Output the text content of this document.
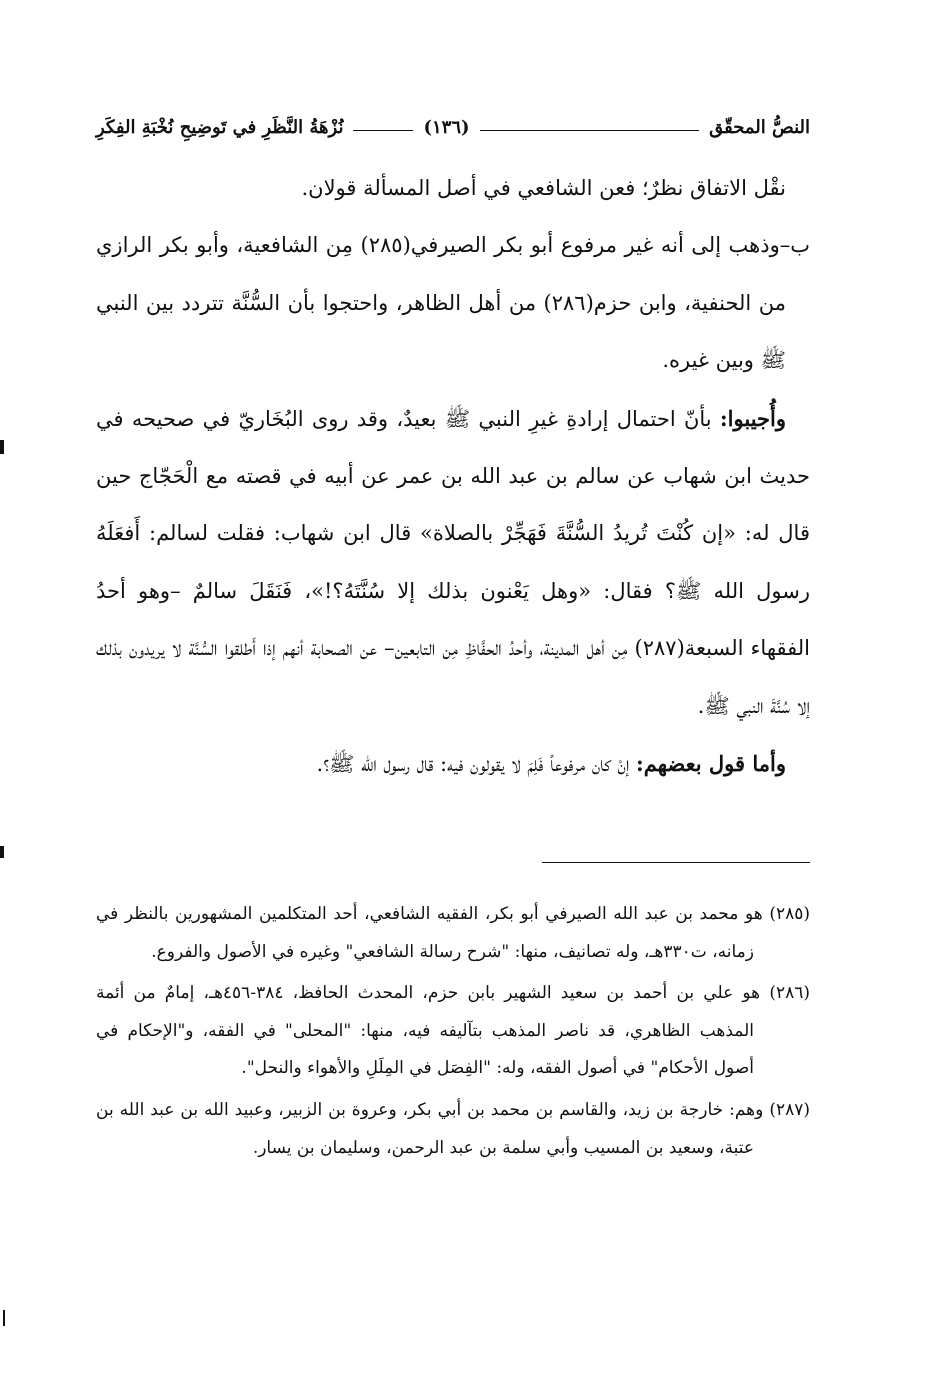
النصُّ المحقّق
(١٣٦)
نُزْهَةُ النَّظَرِ في تَوضِيحِ نُخْبَةِ الفِكَرِ

نقْل الاتفاق نظرٌ؛ فعن الشافعي في أصل المسألة قولان.

ب–وذهب إلى أنه غير مرفوع أبو بكر الصيرفي(٢٨٥) مِن الشافعية، وأبو بكر الرازي من الحنفية، وابن حزم(٢٨٦) من أهل الظاهر، واحتجوا بأن السُّنَّة تتردد بين النبي ﷺ وبين غيره.

وأُجيبوا: بأنّ احتمال إرادةِ غيرِ النبي ﷺ بعيدٌ، وقد روى البُخَاريّ في صحيحه في حديث ابن شهاب عن سالم بن عبد الله بن عمر عن أبيه في قصته مع الْحَجّاج حين قال له: «إن كُنْتَ تُريدُ السُّنَّةَ فَهَجِّرْ بالصلاة» قال ابن شهاب: فقلت لسالم: أَفعَلَهُ رسول الله ﷺ؟ فقال: «وهل يَعْنون بذلك إلا سُنَّتَهُ؟!»، فَنَقَلَ سالمٌ –وهو أحدُ الفقهاء السبعة(٢٨٧) مِن أهل المدينة، وأحدُ الحفَّاظِ مِن التابعين– عن الصحابة أنهم إذا أَطلقوا السُّنَّة لا يريدون بذلك إلا سُنَّةَ النبي ﷺ.

وأما قول بعضهم: إنْ كان مرفوعاً فَلِمَ لا يقولون فيه: قال رسول الله ﷺ؟.

(٢٨٥) هو محمد بن عبد الله الصيرفي أبو بكر، الفقيه الشافعي، أحد المتكلمين المشهورين بالنظر في زمانه، ت٣٣٠هـ، وله تصانيف، منها: "شرح رسالة الشافعي" وغيره في الأصول والفروع.

(٢٨٦) هو علي بن أحمد بن سعيد الشهير بابن حزم، المحدث الحافظ، ٣٨٤-٤٥٦هـ، إمامٌ من أئمة المذهب الظاهري، قد ناصر المذهب بتآليفه فيه، منها: "المحلى" في الفقه، و"الإحكام في أصول الأحكام" في أصول الفقه، وله: "الفِصَل في المِلَلِ والأهواء والنحل".

(٢٨٧) وهم: خارجة بن زيد، والقاسم بن محمد بن أبي بكر، وعروة بن الزبير، وعبيد الله بن عبد الله بن عتبة، وسعيد بن المسيب وأبي سلمة بن عبد الرحمن، وسليمان بن يسار.
